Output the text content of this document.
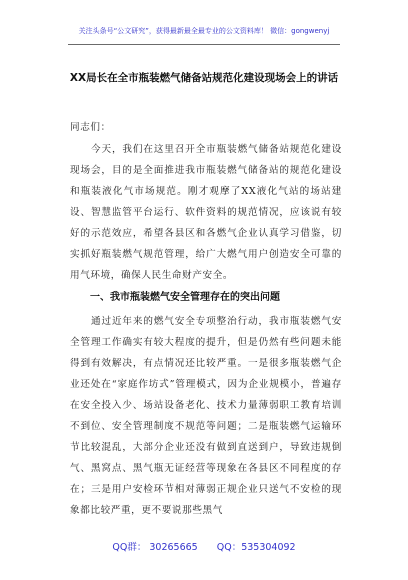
关注头条号“公文研究”，获得最新最全最专业的公文资料库！ 微信：gongwenyj
XX局长在全市瓶装燃气储备站规范化建设现场会上的讲话
同志们：
今天，我们在这里召开全市瓶装燃气储备站规范化建设现场会，目的是全面推进我市瓶装燃气储备站的规范化建设和瓶装液化气市场规范。刚才观摩了XX液化气站的场站建设、智慧监管平台运行、软件资料的规范情况，应该说有较好的示范效应，希望各县区和各燃气企业认真学习借鉴，切实抓好瓶装燃气规范管理，给广大燃气用户创造安全可靠的用气环境，确保人民生命财产安全。
一、我市瓶装燃气安全管理存在的突出问题
通过近年来的燃气安全专项整治行动，我市瓶装燃气安全管理工作确实有较大程度的提升，但是仍然有些问题未能得到有效解决，有点情况还比较严重。一是很多瓶装燃气企业还处在“家庭作坊式”管理模式，因为企业规模小，普遍存在安全投入少、场站设备老化、技术力量薄弱职工教育培训不到位、安全管理制度不规范等问题；二是瓶装燃气运输环节比较混乱，大部分企业还没有做到直送到户，导致违规倒气、黑窝点、黑气瓶无证经营等现象在各县区不同程度的存在；三是用户安检环节相对薄弱正规企业只送气不安检的现象都比较严重，更不要说那些黑气
QQ群： 30265665 QQ：535304092
